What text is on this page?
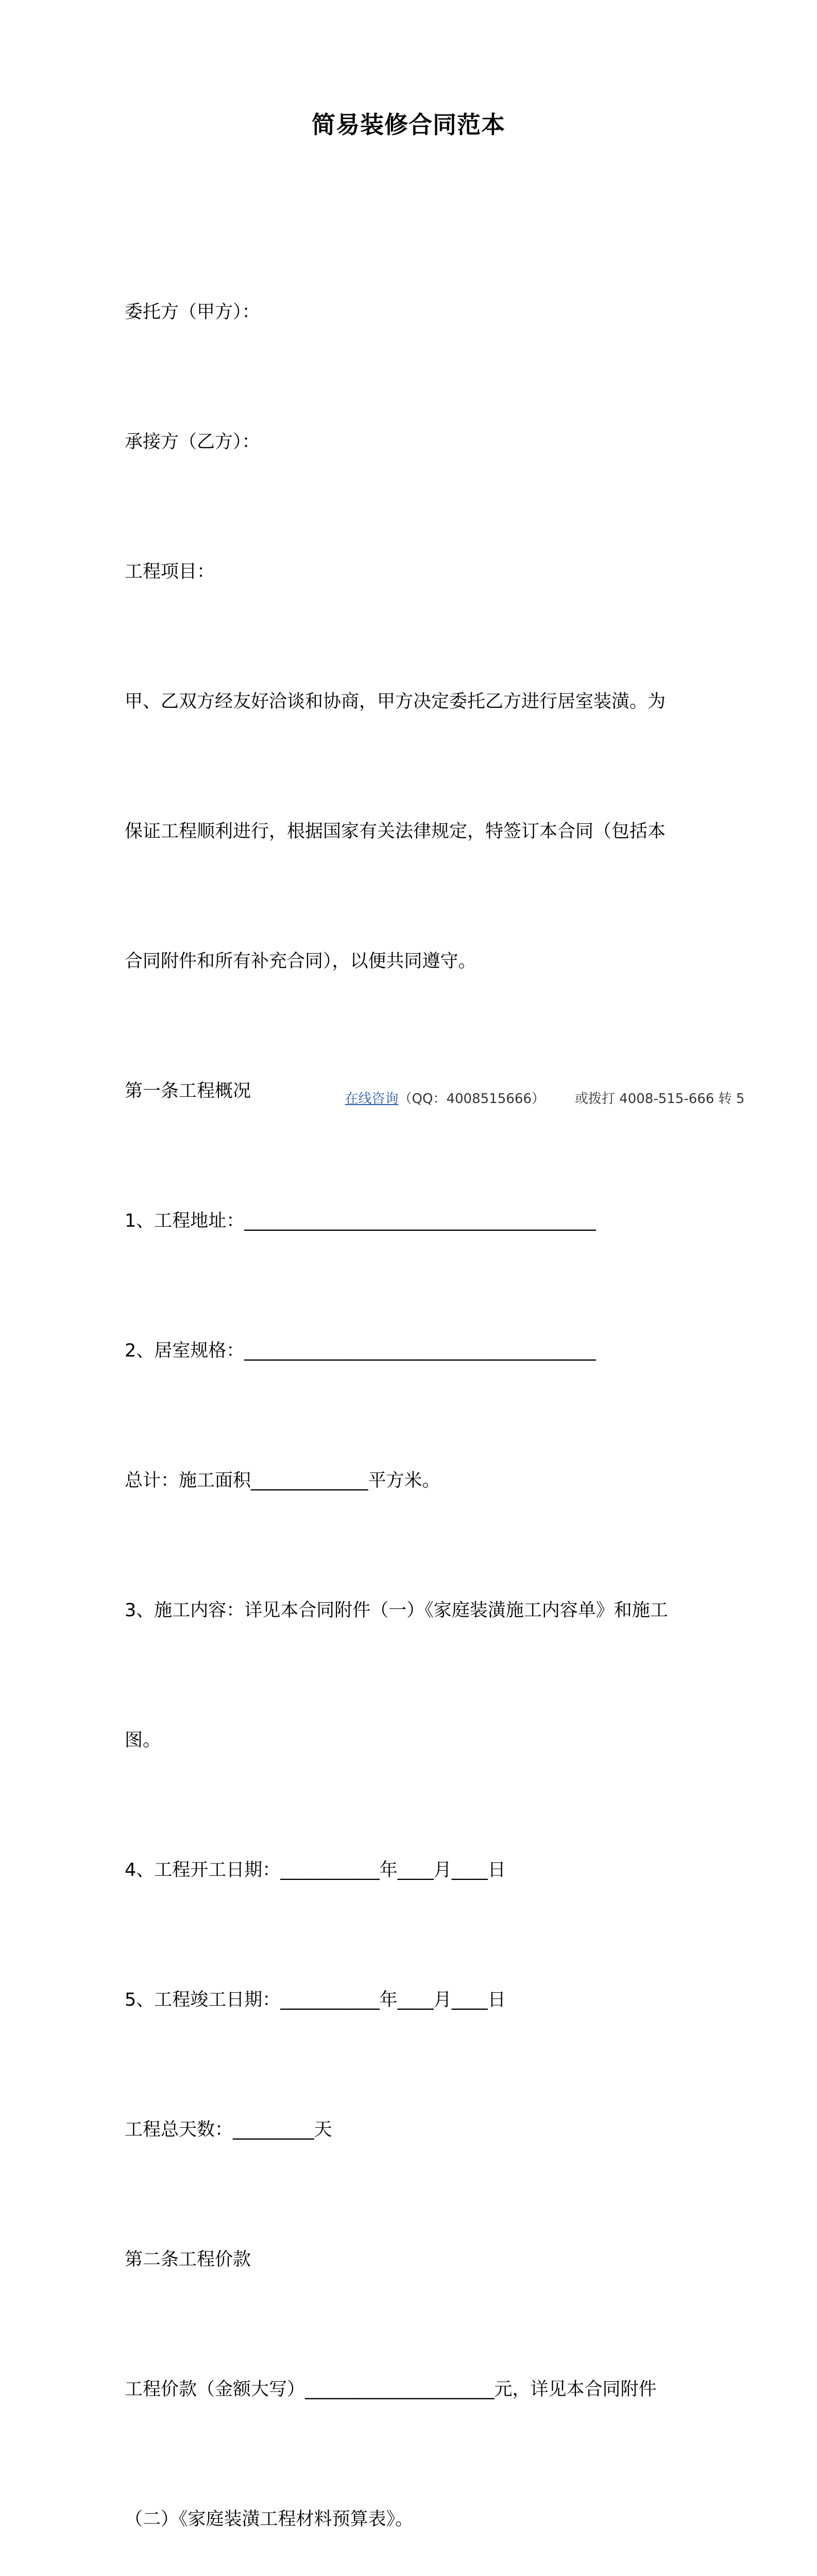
简易装修合同范本

委托方（甲方）：

承接方（乙方）：

工程项目：

甲、乙双方经友好洽谈和协商，甲方决定委托乙方进行居室装潢。为

保证工程顺利进行，根据国家有关法律规定，特签订本合同（包括本

合同附件和所有补充合同），以便共同遵守。

第一条工程概况

1、工程地址：_______________________________________

2、居室规格：_______________________________________

总计：施工面积_____________平方米。

3、施工内容：详见本合同附件（一）《家庭装潢施工内容单》和施工

图。

4、工程开工日期：___________年____月____日

5、工程竣工日期：___________年____月____日

工程总天数：_________天

第二条工程价款

工程价款（金额大写）_____________________元，详见本合同附件

（二）《家庭装潢工程材料预算表》。

在线咨询（QQ：4008515666） 或拨打 4008-515-666 转 5
